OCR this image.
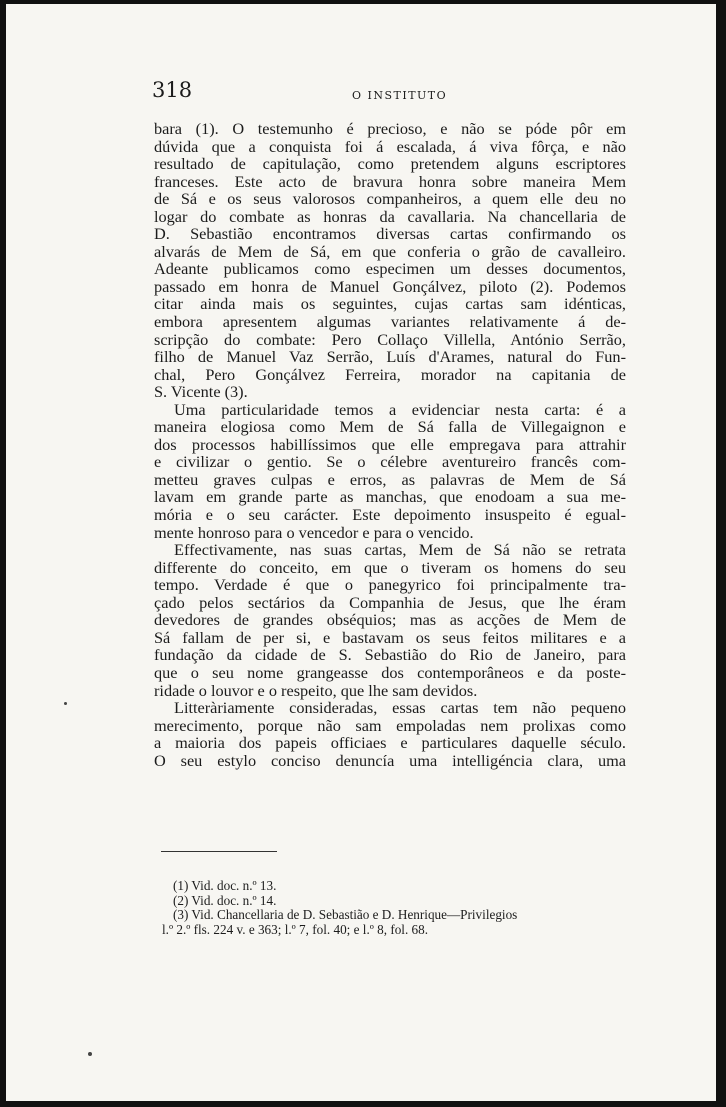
318	O INSTITUTO

bara (1). O testemunho é precioso, e não se póde pôr em
dúvida que a conquista foi á escalada, á viva fôrça, e não
resultado de capitulação, como pretendem alguns escriptores
franceses. Este acto de bravura honra sobre maneira Mem
de Sá e os seus valorosos companheiros, a quem elle deu no
logar do combate as honras da cavallaria. Na chancellaria de
D. Sebastião encontramos diversas cartas confirmando os
alvarás de Mem de Sá, em que conferia o grão de cavalleiro.
Adeante publicamos como especimen um desses documentos,
passado em honra de Manuel Gonçálvez, piloto (2). Podemos
citar ainda mais os seguintes, cujas cartas sam idénticas,
embora apresentem algumas variantes relativamente á de-
scripção do combate: Pero Collaço Villella, António Serrão,
filho de Manuel Vaz Serrão, Luís d'Arames, natural do Fun-
chal, Pero Gonçálvez Ferreira, morador na capitania de

S. Vicente (3).

Uma particularidade temos a evidenciar nesta carta: é a
maneira elogiosa como Mem de Sá falla de Villegaignon e
dos processos habillíssimos que elle empregava para attrahir
e civilizar o gentio. Se o célebre aventureiro francês com-
metteu graves culpas e erros, as palavras de Mem de Sá
lavam em grande parte as manchas, que enodoam a sua me-
mória e o seu carácter. Este depoimento insuspeito é egual-

mente honroso para o vencedor e para o vencido.

Effectivamente, nas suas cartas, Mem de Sá não se retrata
differente do conceito, em que o tiveram os homens do seu
tempo. Verdade é que o panegyrico foi principalmente tra-
çado pelos sectários da Companhia de Jesus, que lhe éram
devedores de grandes obséquios; mas as acções de Mem de
Sá fallam de per si, e bastavam os seus feitos militares e a
fundação da cidade de S. Sebastião do Rio de Janeiro, para
que o seu nome grangeasse dos contemporâneos e da poste-

ridade o louvor e o respeito, que lhe sam devidos.

Litteràriamente consideradas, essas cartas tem não pequeno
merecimento, porque não sam empoladas nem prolixas como
a maioria dos papeis officiaes e particulares daquelle século.
O seu estylo conciso denuncía uma intelligéncia clara, uma

(1) Vid. doc. n.º 13.
(2) Vid. doc. n.º 14.
(3) Vid. Chancellaria de D. Sebastião e D. Henrique—Privilegios
l.º 2.º fls. 224 v. e 363; l.º 7, fol. 40; e l.º 8, fol. 68.
